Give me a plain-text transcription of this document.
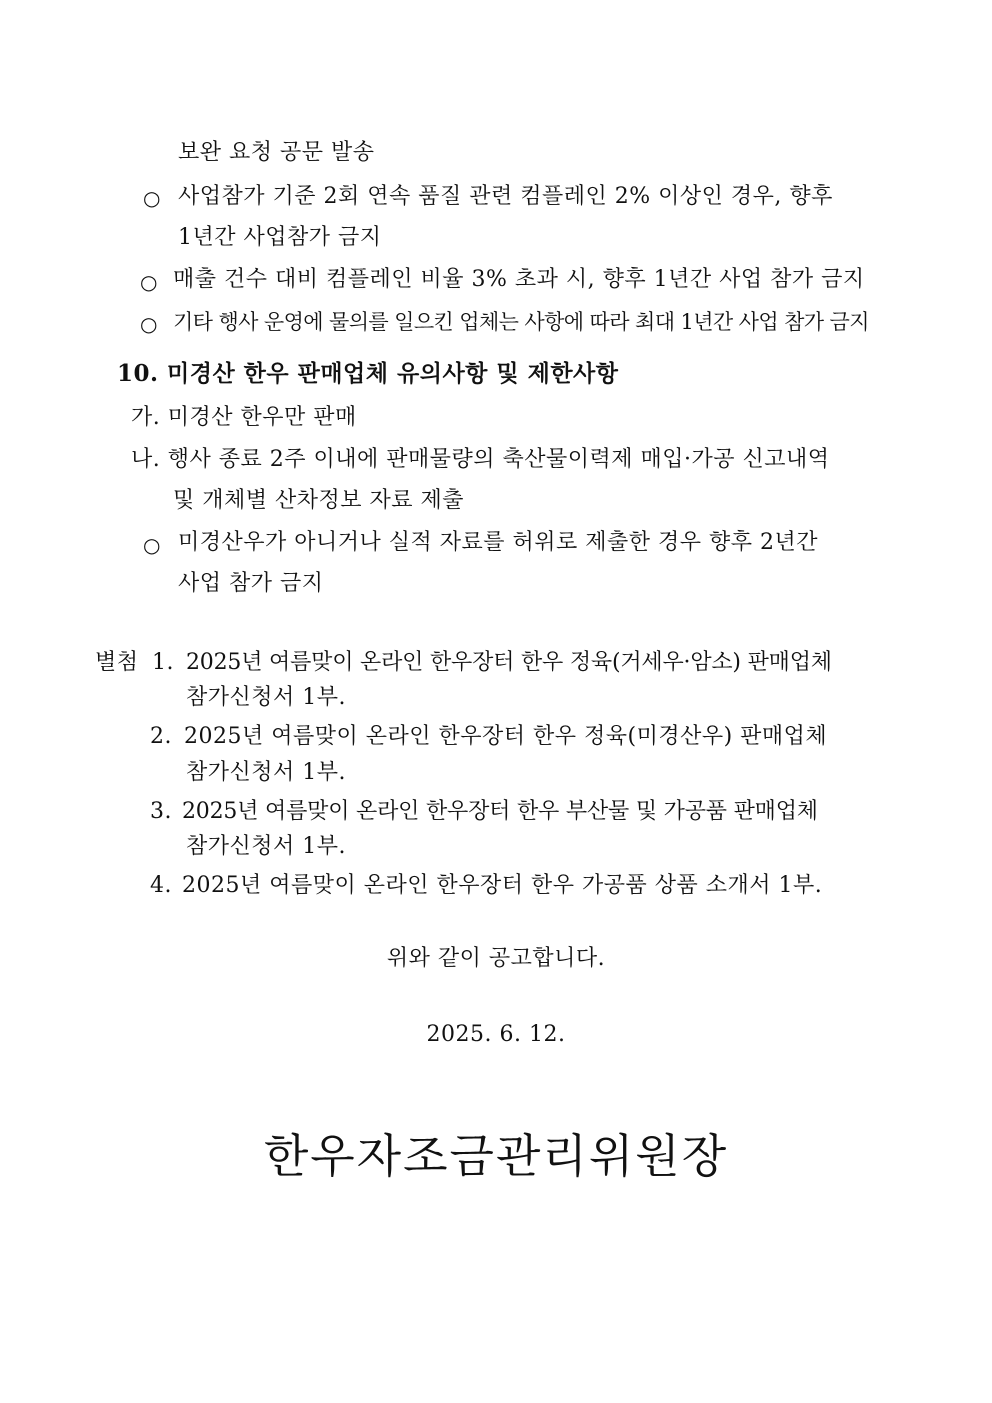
보완 요청 공문 발송
○ 사업참가 기준 2회 연속 품질 관련 컴플레인 2% 이상인 경우, 향후
1년간 사업참가 금지
○ 매출 건수 대비 컴플레인 비율 3% 초과 시, 향후 1년간 사업 참가 금지
○ 기타 행사 운영에 물의를 일으킨 업체는 사항에 따라 최대 1년간 사업 참가 금지
10. 미경산 한우 판매업체 유의사항 및 제한사항
가. 미경산 한우만 판매
나. 행사 종료 2주 이내에 판매물량의 축산물이력제 매입·가공 신고내역
및 개체별 산차정보 자료 제출
○ 미경산우가 아니거나 실적 자료를 허위로 제출한 경우 향후 2년간
사업 참가 금지
별첨 1. 2025년 여름맞이 온라인 한우장터 한우 정육(거세우·암소) 판매업체
참가신청서 1부.
2. 2025년 여름맞이 온라인 한우장터 한우 정육(미경산우) 판매업체
참가신청서 1부.
3. 2025년 여름맞이 온라인 한우장터 한우 부산물 및 가공품 판매업체
참가신청서 1부.
4. 2025년 여름맞이 온라인 한우장터 한우 가공품 상품 소개서 1부.
위와 같이 공고합니다.
2025. 6. 12.
한우자조금관리위원장
